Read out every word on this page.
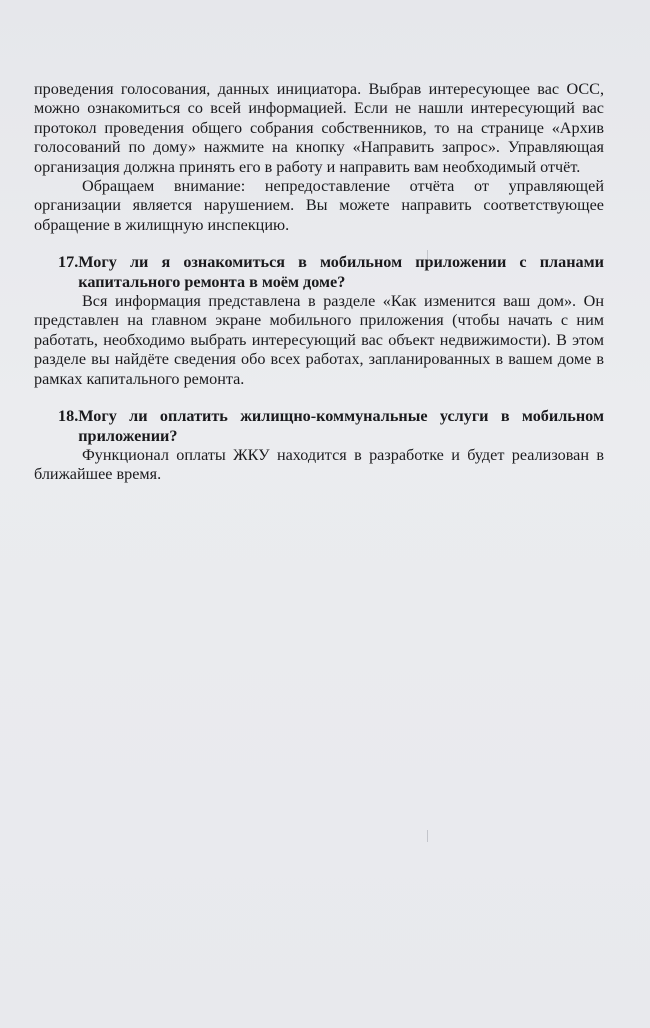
проведения голосования, данных инициатора. Выбрав интересующее вас ОСС, можно ознакомиться со всей информацией. Если не нашли интересующий вас протокол проведения общего собрания собственников, то на странице «Архив голосований по дому» нажмите на кнопку «Направить запрос». Управляющая организация должна принять его в работу и направить вам необходимый отчёт.

Обращаем внимание: непредоставление отчёта от управляющей организации является нарушением. Вы можете направить соответствующее обращение в жилищную инспекцию.

17. Могу ли я ознакомиться в мобильном приложении с планами капитального ремонта в моём доме?

Вся информация представлена в разделе «Как изменится ваш дом». Он представлен на главном экране мобильного приложения (чтобы начать с ним работать, необходимо выбрать интересующий вас объект недвижимости). В этом разделе вы найдёте сведения обо всех работах, запланированных в вашем доме в рамках капитального ремонта.

18. Могу ли оплатить жилищно-коммунальные услуги в мобильном приложении?

Функционал оплаты ЖКУ находится в разработке и будет реализован в ближайшее время.
